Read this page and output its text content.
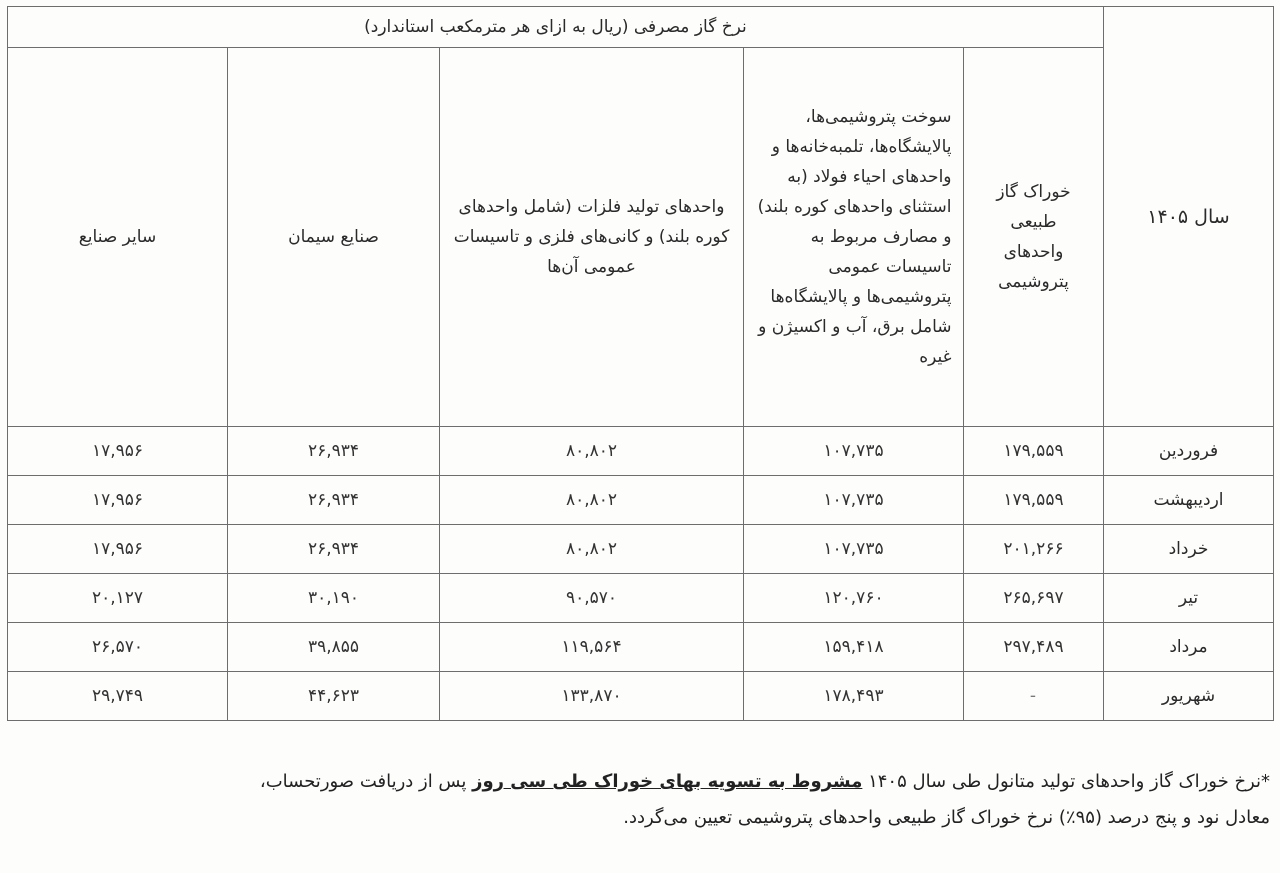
سال ۱۴۰۵	نرخ گاز مصرفی (ریال به ازای هر مترمکعب استاندارد)				
	خوراک گاز طبیعی واحدهای پتروشیمی	سوخت پتروشیمی‌ها، پالایشگاه‌ها، تلمبه‌خانه‌ها و واحدهای احیاء فولاد (به استثنای واحدهای کوره بلند) و مصارف مربوط به تاسیسات عمومی پتروشیمی‌ها و پالایشگاه‌ها شامل برق، آب و اکسیژن و غیره	واحدهای تولید فلزات (شامل واحدهای کوره بلند) و کانی‌های فلزی و تاسیسات عمومی آن‌ها	صنایع سیمان	سایر صنایع
فروردین	۱۷۹,۵۵۹	۱۰۷,۷۳۵	۸۰,۸۰۲	۲۶,۹۳۴	۱۷,۹۵۶
اردیبهشت	۱۷۹,۵۵۹	۱۰۷,۷۳۵	۸۰,۸۰۲	۲۶,۹۳۴	۱۷,۹۵۶
خرداد	۲۰۱,۲۶۶	۱۰۷,۷۳۵	۸۰,۸۰۲	۲۶,۹۳۴	۱۷,۹۵۶
تیر	۲۶۵,۶۹۷	۱۲۰,۷۶۰	۹۰,۵۷۰	۳۰,۱۹۰	۲۰,۱۲۷
مرداد	۲۹۷,۴۸۹	۱۵۹,۴۱۸	۱۱۹,۵۶۴	۳۹,۸۵۵	۲۶,۵۷۰
شهریور	-	۱۷۸,۴۹۳	۱۳۳,۸۷۰	۴۴,۶۲۳	۲۹,۷۴۹

*نرخ خوراک گاز واحدهای تولید متانول طی سال ۱۴۰۵ مشروط به تسویه بهای خوراک طی سی روز پس از دریافت صورتحساب،

معادل نود و پنج درصد (۹۵٪) نرخ خوراک گاز طبیعی واحدهای پتروشیمی تعیین می‌گردد.
